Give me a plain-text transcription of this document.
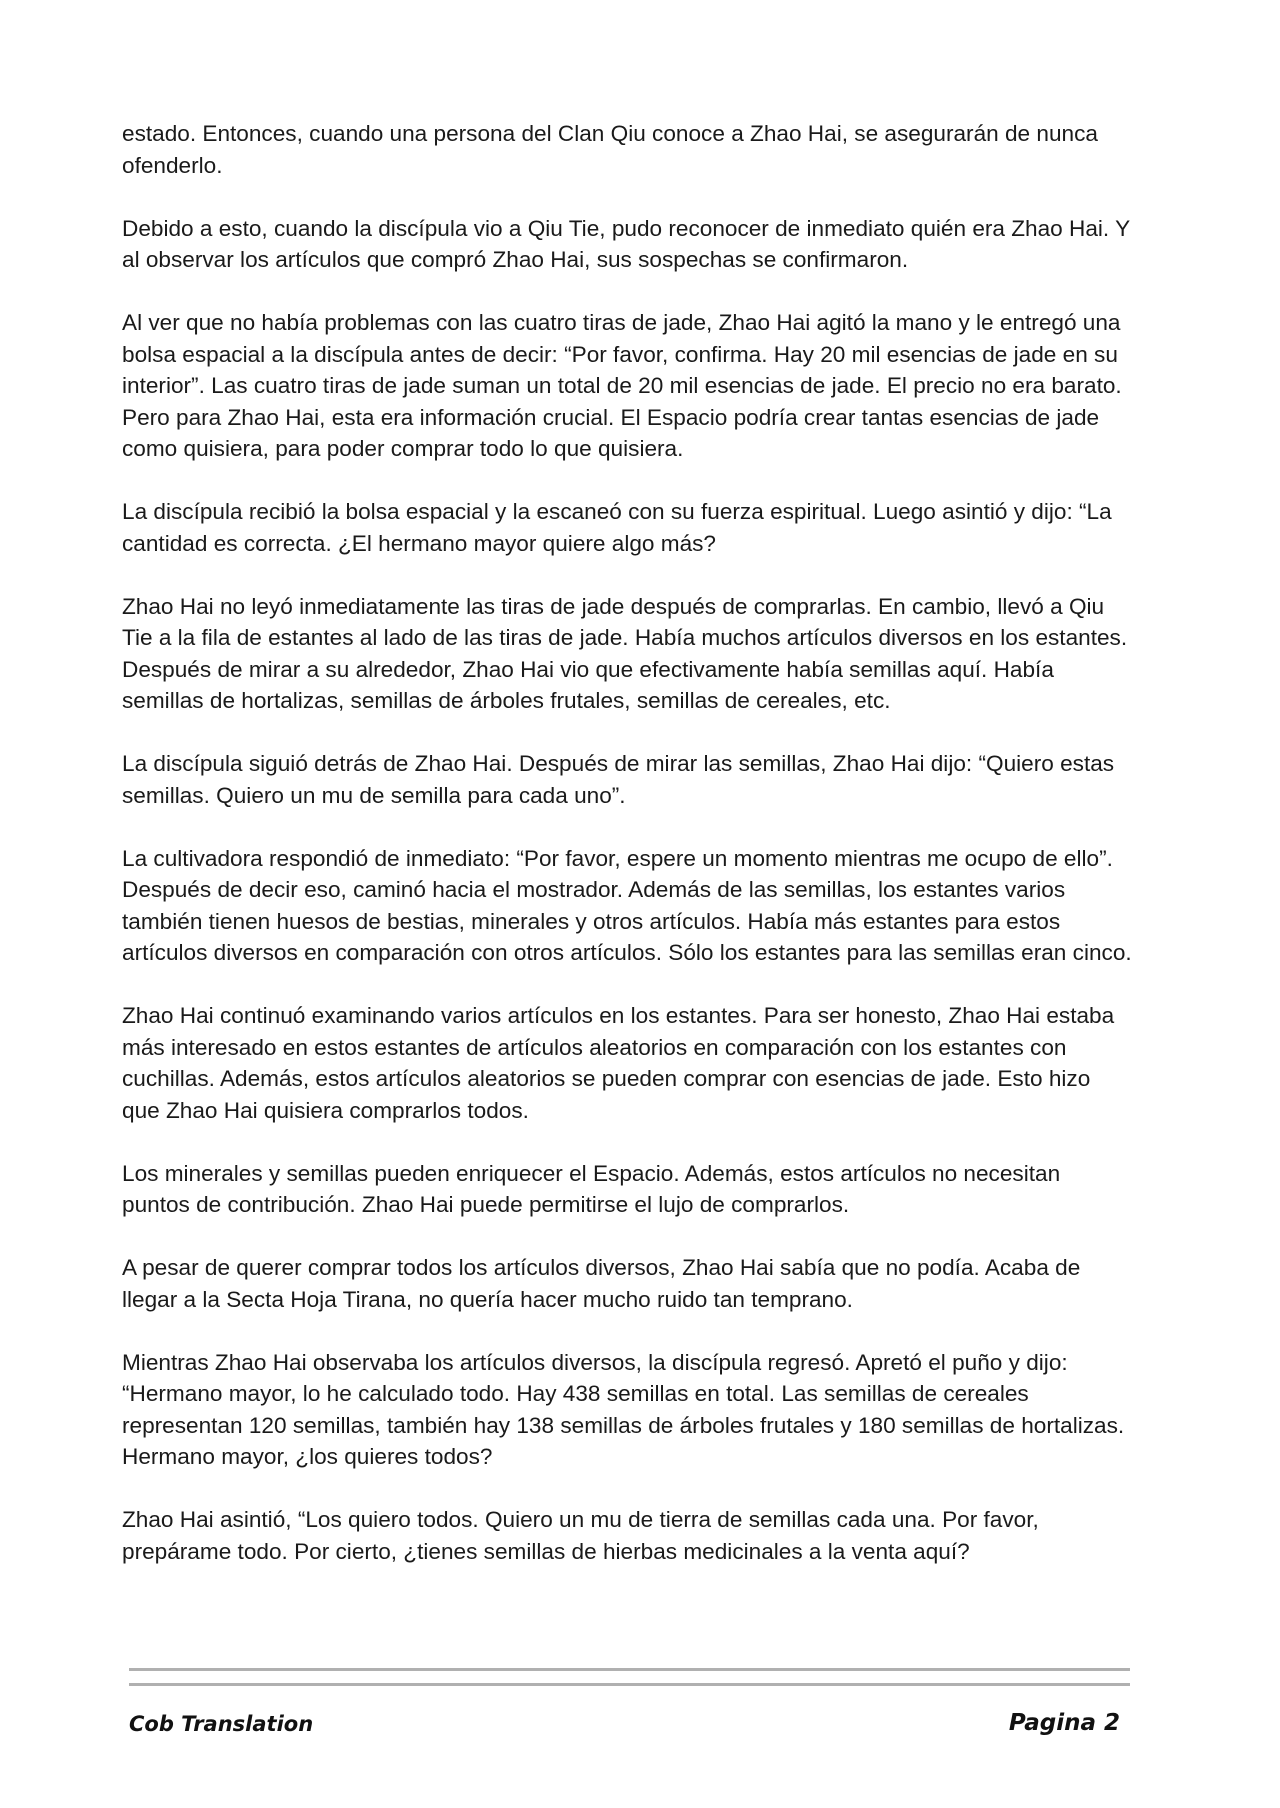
estado. Entonces, cuando una persona del Clan Qiu conoce a Zhao Hai, se asegurarán de nunca ofenderlo.

Debido a esto, cuando la discípula vio a Qiu Tie, pudo reconocer de inmediato quién era Zhao Hai. Y al observar los artículos que compró Zhao Hai, sus sospechas se confirmaron.

Al ver que no había problemas con las cuatro tiras de jade, Zhao Hai agitó la mano y le entregó una bolsa espacial a la discípula antes de decir: “Por favor, confirma. Hay 20 mil esencias de jade en su interior”. Las cuatro tiras de jade suman un total de 20 mil esencias de jade. El precio no era barato. Pero para Zhao Hai, esta era información crucial. El Espacio podría crear tantas esencias de jade como quisiera, para poder comprar todo lo que quisiera.

La discípula recibió la bolsa espacial y la escaneó con su fuerza espiritual. Luego asintió y dijo: “La cantidad es correcta. ¿El hermano mayor quiere algo más?

Zhao Hai no leyó inmediatamente las tiras de jade después de comprarlas. En cambio, llevó a Qiu Tie a la fila de estantes al lado de las tiras de jade. Había muchos artículos diversos en los estantes. Después de mirar a su alrededor, Zhao Hai vio que efectivamente había semillas aquí. Había semillas de hortalizas, semillas de árboles frutales, semillas de cereales, etc.

La discípula siguió detrás de Zhao Hai. Después de mirar las semillas, Zhao Hai dijo: “Quiero estas semillas. Quiero un mu de semilla para cada uno”.

La cultivadora respondió de inmediato: “Por favor, espere un momento mientras me ocupo de ello”. Después de decir eso, caminó hacia el mostrador. Además de las semillas, los estantes varios también tienen huesos de bestias, minerales y otros artículos. Había más estantes para estos artículos diversos en comparación con otros artículos. Sólo los estantes para las semillas eran cinco.

Zhao Hai continuó examinando varios artículos en los estantes. Para ser honesto, Zhao Hai estaba más interesado en estos estantes de artículos aleatorios en comparación con los estantes con cuchillas. Además, estos artículos aleatorios se pueden comprar con esencias de jade. Esto hizo que Zhao Hai quisiera comprarlos todos.

Los minerales y semillas pueden enriquecer el Espacio. Además, estos artículos no necesitan puntos de contribución. Zhao Hai puede permitirse el lujo de comprarlos.

A pesar de querer comprar todos los artículos diversos, Zhao Hai sabía que no podía. Acaba de llegar a la Secta Hoja Tirana, no quería hacer mucho ruido tan temprano.

Mientras Zhao Hai observaba los artículos diversos, la discípula regresó. Apretó el puño y dijo: “Hermano mayor, lo he calculado todo. Hay 438 semillas en total. Las semillas de cereales representan 120 semillas, también hay 138 semillas de árboles frutales y 180 semillas de hortalizas. Hermano mayor, ¿los quieres todos?

Zhao Hai asintió, “Los quiero todos. Quiero un mu de tierra de semillas cada una. Por favor, prepárame todo. Por cierto, ¿tienes semillas de hierbas medicinales a la venta aquí?

Cob Translation	Pagina 2
